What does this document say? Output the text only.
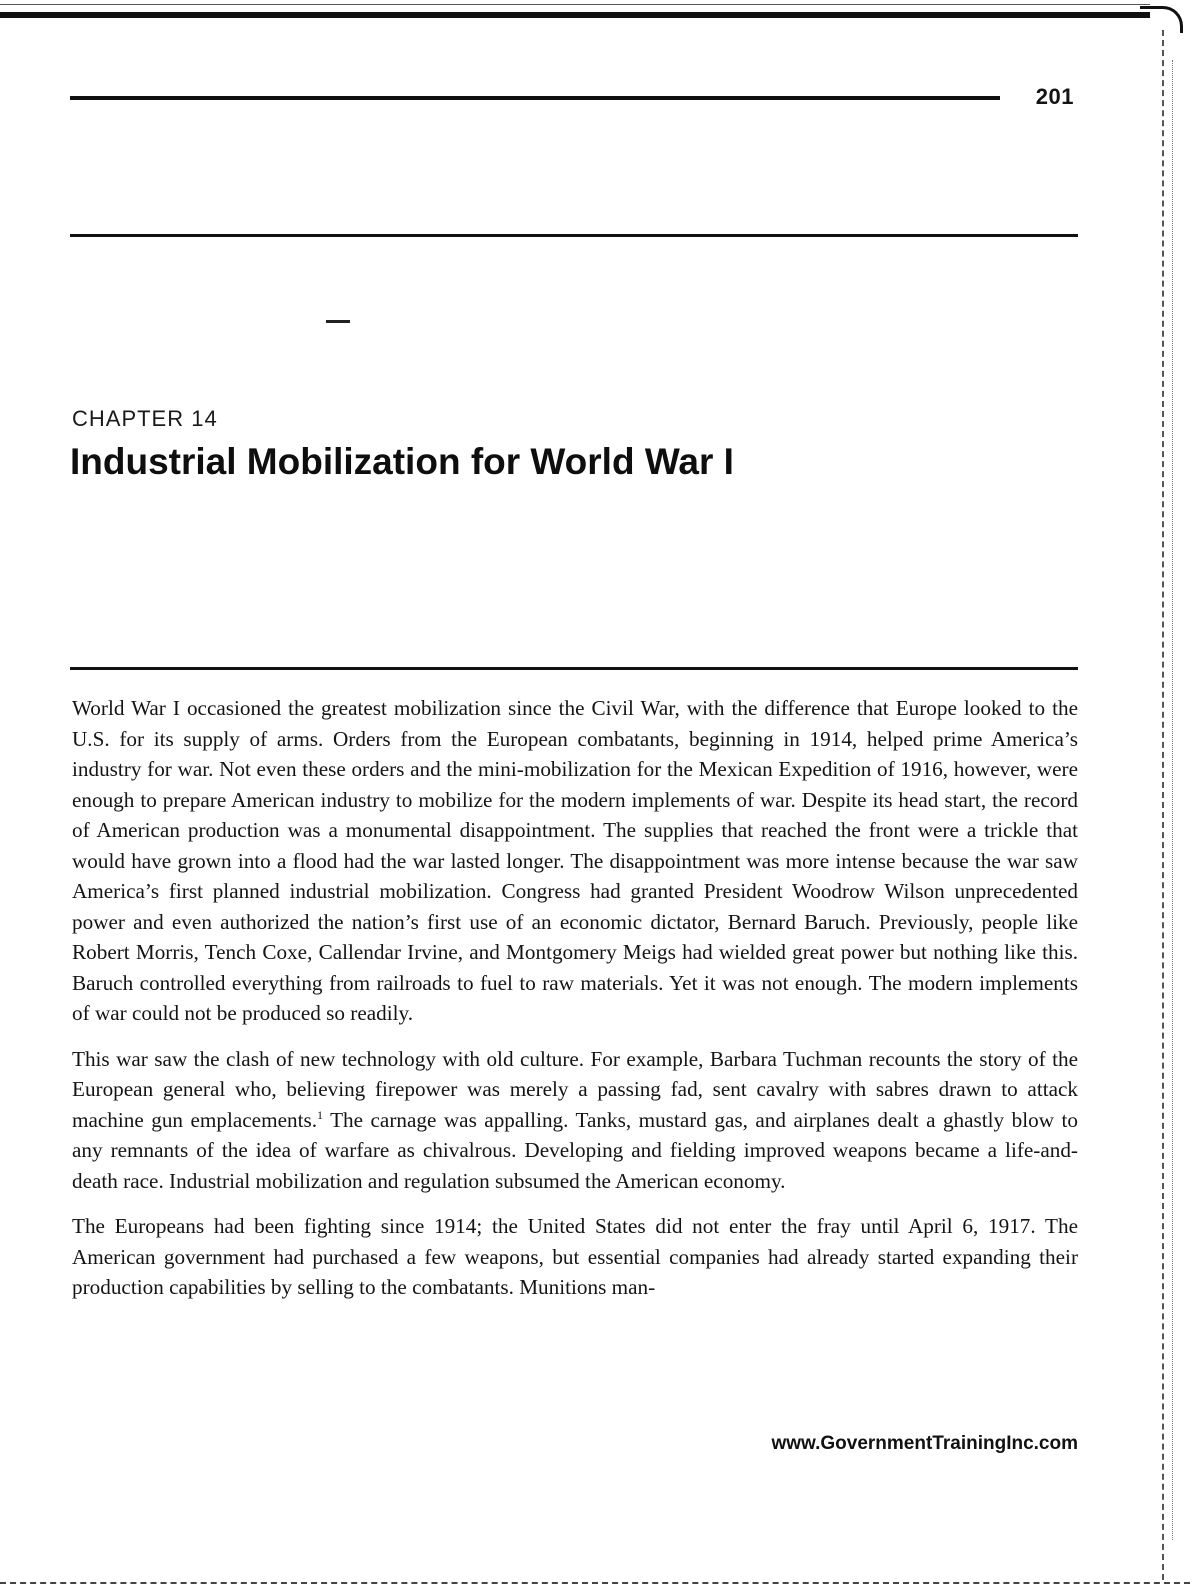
201
CHAPTER 14
Industrial Mobilization for World War I

World War I occasioned the greatest mobilization since the Civil War, with the difference that Europe looked to the U.S. for its supply of arms. Orders from the European combatants, beginning in 1914, helped prime America’s industry for war. Not even these orders and the mini-mobilization for the Mexican Expedition of 1916, however, were enough to prepare American industry to mobilize for the modern implements of war. Despite its head start, the record of American production was a monumental disappointment. The supplies that reached the front were a trickle that would have grown into a flood had the war lasted longer. The disappointment was more intense because the war saw America’s first planned industrial mobilization. Congress had granted President Woodrow Wilson unprecedented power and even authorized the nation’s first use of an economic dictator, Bernard Baruch. Previously, people like Robert Morris, Tench Coxe, Callendar Irvine, and Montgomery Meigs had wielded great power but nothing like this. Baruch controlled everything from railroads to fuel to raw materials. Yet it was not enough. The modern implements of war could not be produced so readily.

This war saw the clash of new technology with old culture. For example, Barbara Tuchman recounts the story of the European general who, believing firepower was merely a passing fad, sent cavalry with sabres drawn to attack machine gun emplacements.$^1$ The carnage was appalling. Tanks, mustard gas, and airplanes dealt a ghastly blow to any remnants of the idea of warfare as chivalrous. Developing and fielding improved weapons became a life-and-death race. Industrial mobilization and regulation subsumed the American economy.

The Europeans had been fighting since 1914; the United States did not enter the fray until April 6, 1917. The American government had purchased a few weapons, but essential companies had already started expanding their production capabilities by selling to the combatants. Munitions man-

www.GovernmentTrainingInc.com
